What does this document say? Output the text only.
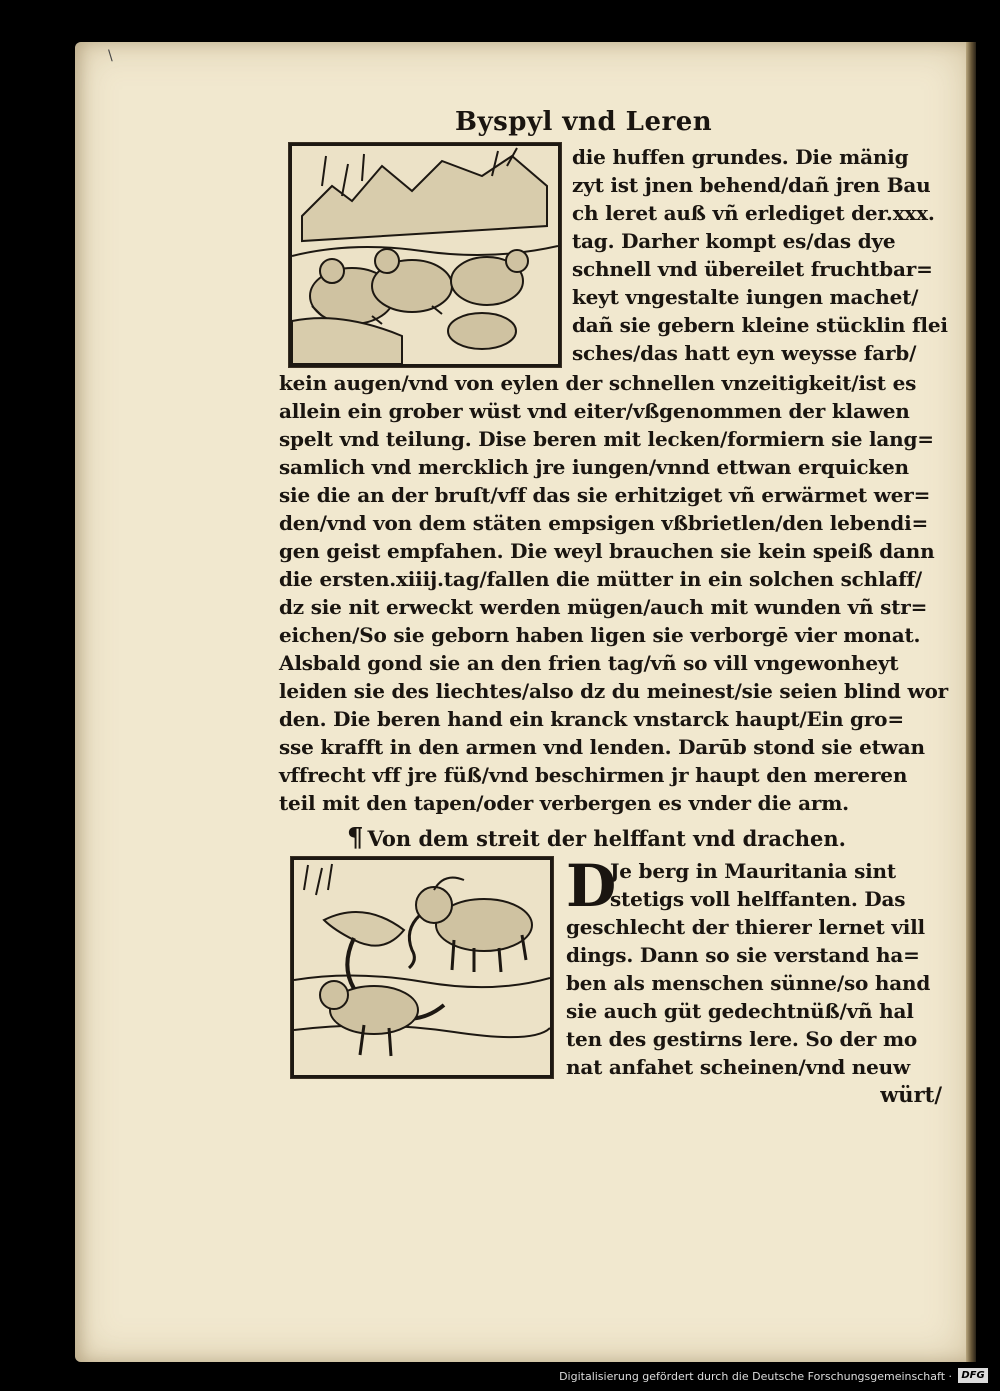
\
Byspyl vnd Leren
die huffen grundes. Die mänig
zyt ist jnen behend/dañ jren Bau
ch leret auß vñ erlediget der.xxx.
tag. Darher kompt es/das dye
schnell vnd übereilet fruchtbar=
keyt vngestalte iungen machet/
dañ sie gebern kleine stücklin flei
sches/das hatt eyn weysse farb/
kein augen/vnd von eylen der schnellen vnzeitigkeit/ist es
allein ein grober wüst vnd eiter/vßgenommen der klawen
spelt vnd teilung. Dise beren mit lecken/formiern sie lang=
samlich vnd mercklich jre iungen/vnnd ettwan erquicken
sie die an der bruſt/vff das sie erhitziget vñ erwärmet wer=
den/vnd von dem stäten empsigen vßbrietlen/den lebendi=
gen geist empfahen. Die weyl brauchen sie kein speiß dann
die ersten.xiiij.tag/fallen die mütter in ein solchen schlaff/
dz sie nit erweckt werden mügen/auch mit wunden vñ str=
eichen/So sie geborn haben ligen sie verborgē vier monat.
Alsbald gond sie an den frien tag/vñ so vill vngewonheyt
leiden sie des liechtes/also dz du meinest/sie seien blind wor
den. Die beren hand ein kranck vnstarck haupt/Ein gro=
sse krafft in den armen vnd lenden. Darūb stond sie etwan
vffrecht vff jre füß/vnd beschirmen jr haupt den mereren
teil mit den tapen/oder verbergen es vnder die arm.
¶ Von dem streit der helffant vnd drachen.
D
Je berg in Mauritania sint
stetigs voll helffanten. Das
geschlecht der thierer lernet vill
dings. Dann so sie verstand ha=
ben als menschen sünne/so hand
sie auch güt gedechtnüß/vñ hal
ten des gestirns lere. So der mo
nat anfahet scheinen/vnd neuw
würt/
Digitalisierung gefördert durch die Deutsche Forschungsgemeinschaft · DFG
